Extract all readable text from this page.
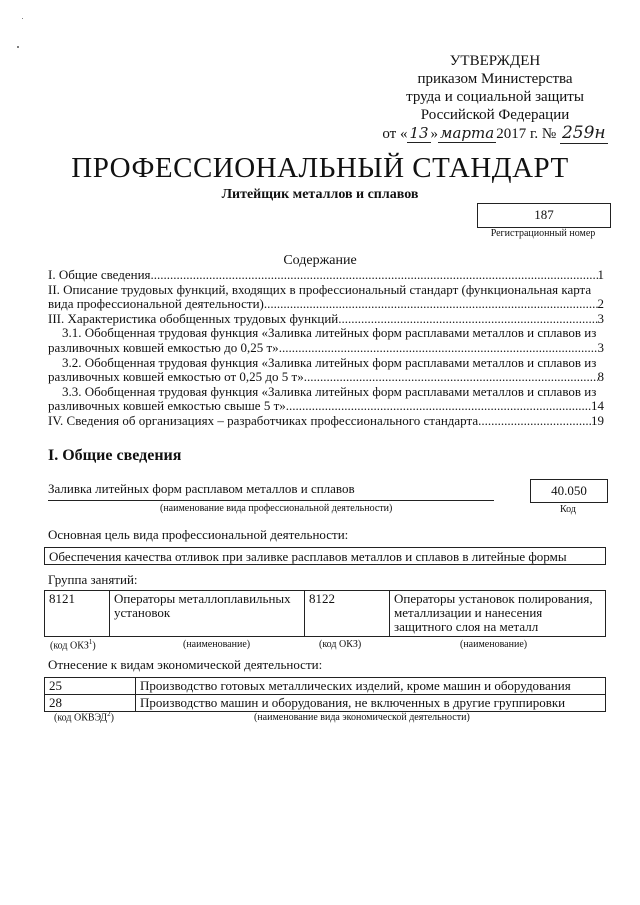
УТВЕРЖДЕН
приказом Министерства
труда и социальной защиты
Российской Федерации
от « 13 » марта 2017 г. № 259н
ПРОФЕССИОНАЛЬНЫЙ СТАНДАРТ
Литейщик металлов и сплавов
187
Регистрационный номер
Содержание
I. Общие сведения .....	1
II. Описание трудовых функций, входящих в профессиональный стандарт (функциональная карта
вида профессиональной деятельности) .....	2
III. Характеристика обобщенных трудовых функций .....	3
3.1. Обобщенная трудовая функция «Заливка литейных форм расплавами металлов и сплавов из
разливочных ковшей емкостью до 0,25 т» .....	3
3.2. Обобщенная трудовая функция «Заливка литейных форм расплавами металлов и сплавов из
разливочных ковшей емкостью от 0,25 до 5 т» .....	8
3.3. Обобщенная трудовая функция «Заливка литейных форм расплавами металлов и сплавов из
разливочных ковшей емкостью свыше 5 т» .....	14
IV. Сведения об организациях – разработчиках профессионального стандарта .....	19
I. Общие сведения
Заливка литейных форм расплавом металлов и сплавов
(наименование вида профессиональной деятельности)
40.050
Код
Основная цель вида профессиональной деятельности:
Обеспечения качества отливок при заливке расплавов металлов и сплавов в литейные формы
Группа занятий:
8121	Операторы металлоплавильных установок	8122	Операторы установок полирования, металлизации и нанесения защитного слоя на металл
(код ОКЗ$^1$)	(наименование)	(код ОКЗ)	(наименование)
Отнесение к видам экономической деятельности:
25	Производство готовых металлических изделий, кроме машин и оборудования
28	Производство машин и оборудования, не включенных в другие группировки
(код ОКВЭД$^2$)	(наименование вида экономической деятельности)
